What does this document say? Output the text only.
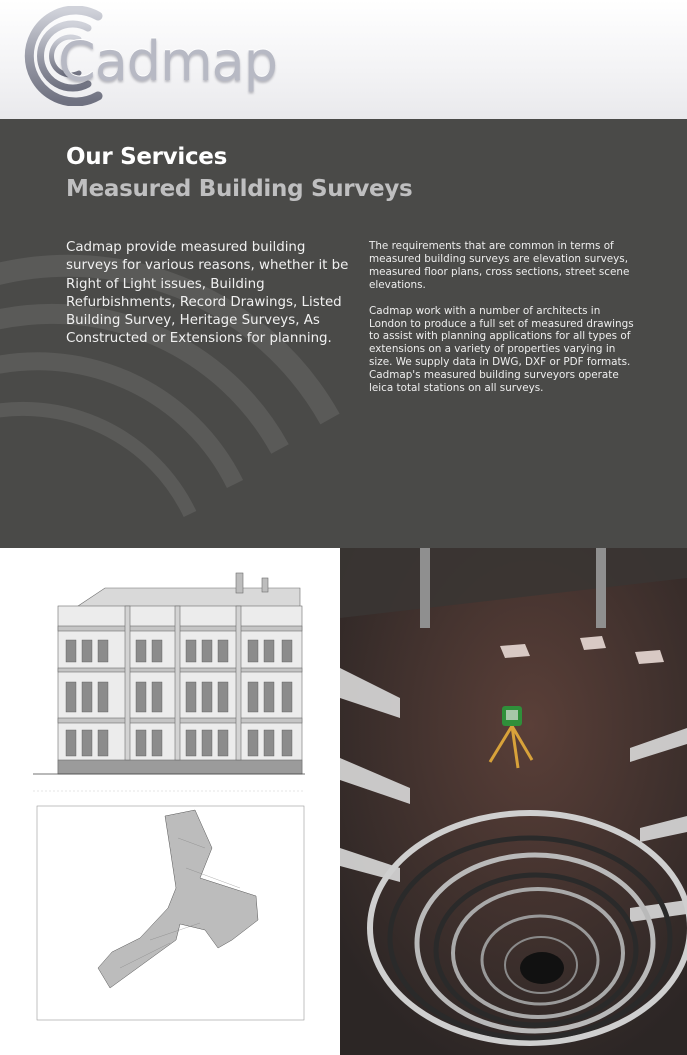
Cadmap
Our Services
Measured Building Surveys
Cadmap provide measured building surveys for various reasons, whether it be Right of Light issues, Building Refurbishments, Record Drawings, Listed Building Survey, Heritage Surveys, As Constructed or Extensions for planning.

The requirements that are common in terms of measured building surveys are elevation surveys, measured floor plans, cross sections, street scene elevations.

Cadmap work with a number of architects in London to produce a full set of measured drawings to assist with planning applications for all types of extensions on a variety of properties varying in size. We supply data in DWG, DXF or PDF formats. Cadmap's measured building surveyors operate leica total stations on all surveys.
